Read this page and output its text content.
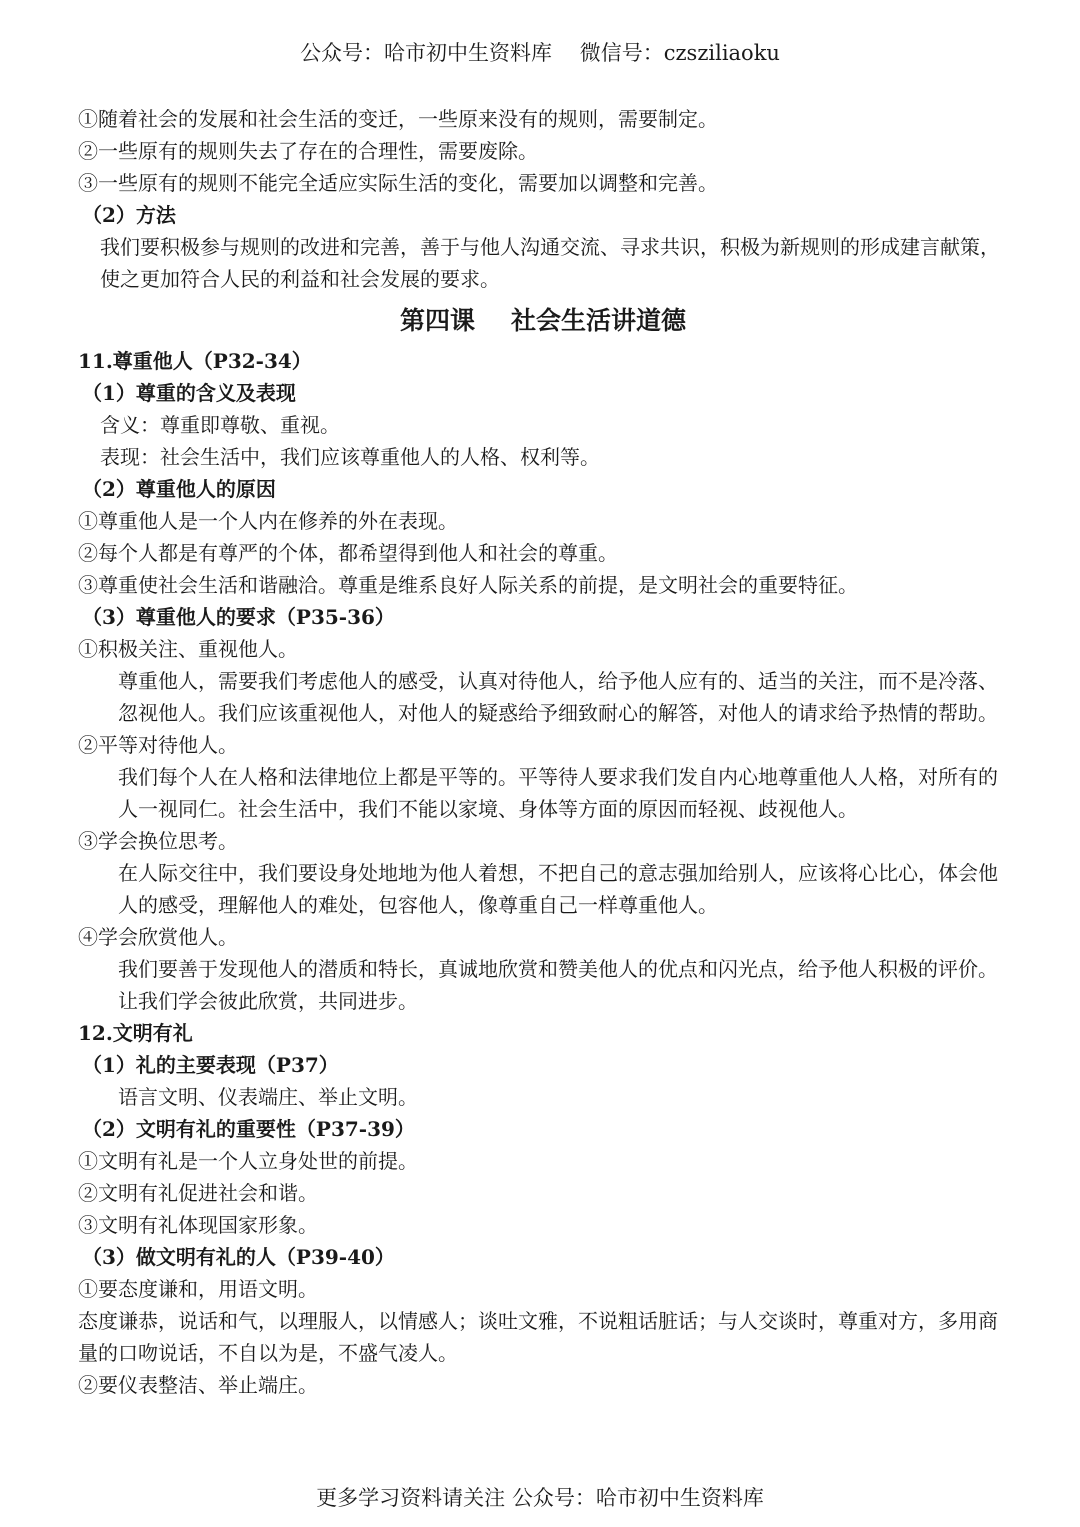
公众号：哈市初中生资料库　 微信号：czsziliaoku

①随着社会的发展和社会生活的变迁，一些原来没有的规则，需要制定。

②一些原有的规则失去了存在的合理性，需要废除。

③一些原有的规则不能完全适应实际生活的变化，需要加以调整和完善。

（2）方法

我们要积极参与规则的改进和完善，善于与他人沟通交流、寻求共识，积极为新规则的形成建言献策，使之更加符合人民的利益和社会发展的要求。

第四课 社会生活讲道德

11.尊重他人（P32-34）

（1）尊重的含义及表现

含义：尊重即尊敬、重视。

表现：社会生活中，我们应该尊重他人的人格、权利等。

（2）尊重他人的原因

①尊重他人是一个人内在修养的外在表现。

②每个人都是有尊严的个体，都希望得到他人和社会的尊重。

③尊重使社会生活和谐融洽。尊重是维系良好人际关系的前提，是文明社会的重要特征。

（3）尊重他人的要求（P35-36）

①积极关注、重视他人。

尊重他人，需要我们考虑他人的感受，认真对待他人，给予他人应有的、适当的关注，而不是冷落、忽视他人。我们应该重视他人，对他人的疑惑给予细致耐心的解答，对他人的请求给予热情的帮助。

②平等对待他人。

我们每个人在人格和法律地位上都是平等的。平等待人要求我们发自内心地尊重他人人格，对所有的人一视同仁。社会生活中，我们不能以家境、身体等方面的原因而轻视、歧视他人。

③学会换位思考。

在人际交往中，我们要设身处地地为他人着想，不把自己的意志强加给别人，应该将心比心，体会他人的感受，理解他人的难处，包容他人，像尊重自己一样尊重他人。

④学会欣赏他人。

我们要善于发现他人的潜质和特长，真诚地欣赏和赞美他人的优点和闪光点，给予他人积极的评价。让我们学会彼此欣赏，共同进步。

12.文明有礼

（1）礼的主要表现（P37）

语言文明、仪表端庄、举止文明。

（2）文明有礼的重要性（P37-39）

①文明有礼是一个人立身处世的前提。

②文明有礼促进社会和谐。

③文明有礼体现国家形象。

（3）做文明有礼的人（P39-40）

①要态度谦和，用语文明。

态度谦恭，说话和气，以理服人，以情感人；谈吐文雅，不说粗话脏话；与人交谈时，尊重对方，多用商量的口吻说话，不自以为是，不盛气凌人。

②要仪表整洁、举止端庄。

更多学习资料请关注 公众号：哈市初中生资料库
